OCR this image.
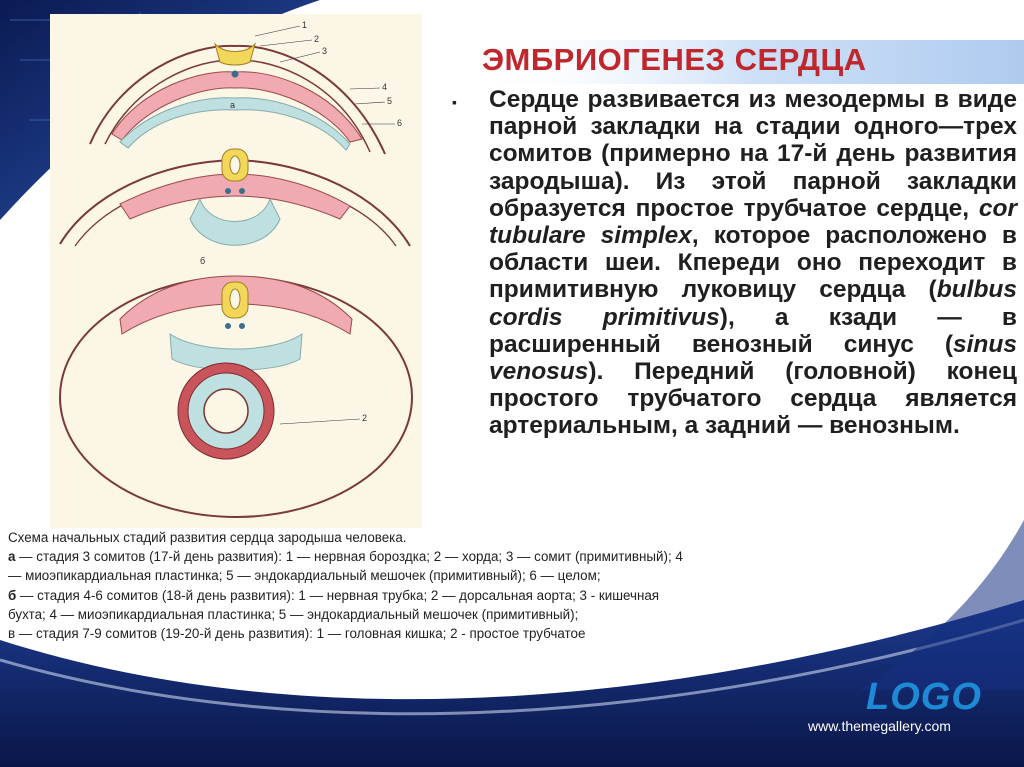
а
б
1
2
3
4
5
6
2
ЭМБРИОГЕНЕЗ СЕРДЦА
▪ Сердце развивается из мезодермы в виде парной закладки на стадии одного—трех сомитов (примерно на 17-й день развития зародыша). Из этой парной закладки образуется простое трубчатое сердце, cor tubulare simplex, которое расположено в области шеи. Кпереди оно переходит в примитивную луковицу сердца (bulbus cordis primitivus), а кзади — в расширенный венозный синус (sinus venosus). Передний (головной) конец простого трубчатого сердца является артериальным, а задний — венозным.

Схема начальных стадий развития сердца зародыша человека.
а — стадия 3 сомитов (17-й день развития): 1 — нервная бороздка; 2 — хорда; 3 — сомит (примитивный); 4 — миоэпикардиальная пластинка; 5 — эндокардиальный мешочек (примитивный); 6 — целом;
б — стадия 4-6 сомитов (18-й день развития): 1 — нервная трубка; 2 — дорсальная аорта; 3 - кишечная бухта; 4 — миоэпикардиальная пластинка; 5 — эндокардиальный мешочек (примитивный);
в — стадия 7-9 сомитов (19-20-й день развития): 1 — головная кишка; 2 - простое трубчатое
LOGO
www.themegallery.com
